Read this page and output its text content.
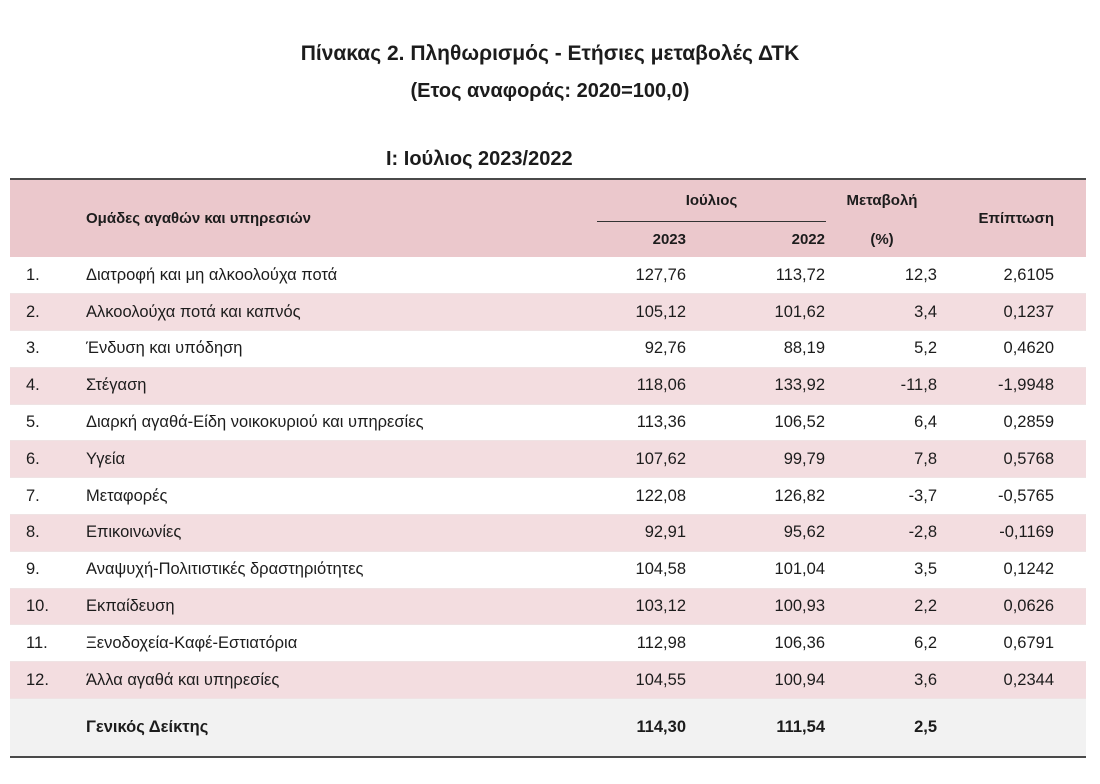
Πίνακας 2. Πληθωρισμός - Ετήσιες μεταβολές ΔΤΚ
(Ετος αναφοράς: 2020=100,0)
I: Ιούλιος 2023/2022
Ομάδες αγαθών και υπηρεσιών		Ιούλιος		Μεταβολή	Επίπτωση
		2023	2022	(%)	
1.	Διατροφή και μη αλκοολούχα ποτά	127,76	113,72	12,3	2,6105
2.	Αλκοολούχα ποτά και καπνός	105,12	101,62	3,4	0,1237
3.	Ένδυση και υπόδηση	92,76	88,19	5,2	0,4620
4.	Στέγαση	118,06	133,92	-11,8	-1,9948
5.	Διαρκή αγαθά-Είδη νοικοκυριού και υπηρεσίες	113,36	106,52	6,4	0,2859
6.	Υγεία	107,62	99,79	7,8	0,5768
7.	Μεταφορές	122,08	126,82	-3,7	-0,5765
8.	Επικοινωνίες	92,91	95,62	-2,8	-0,1169
9.	Αναψυχή-Πολιτιστικές δραστηριότητες	104,58	101,04	3,5	0,1242
10.	Εκπαίδευση	103,12	100,93	2,2	0,0626
11.	Ξενοδοχεία-Καφέ-Εστιατόρια	112,98	106,36	6,2	0,6791
12.	Άλλα αγαθά και υπηρεσίες	104,55	100,94	3,6	0,2344
	Γενικός Δείκτης	114,30	111,54	2,5	
